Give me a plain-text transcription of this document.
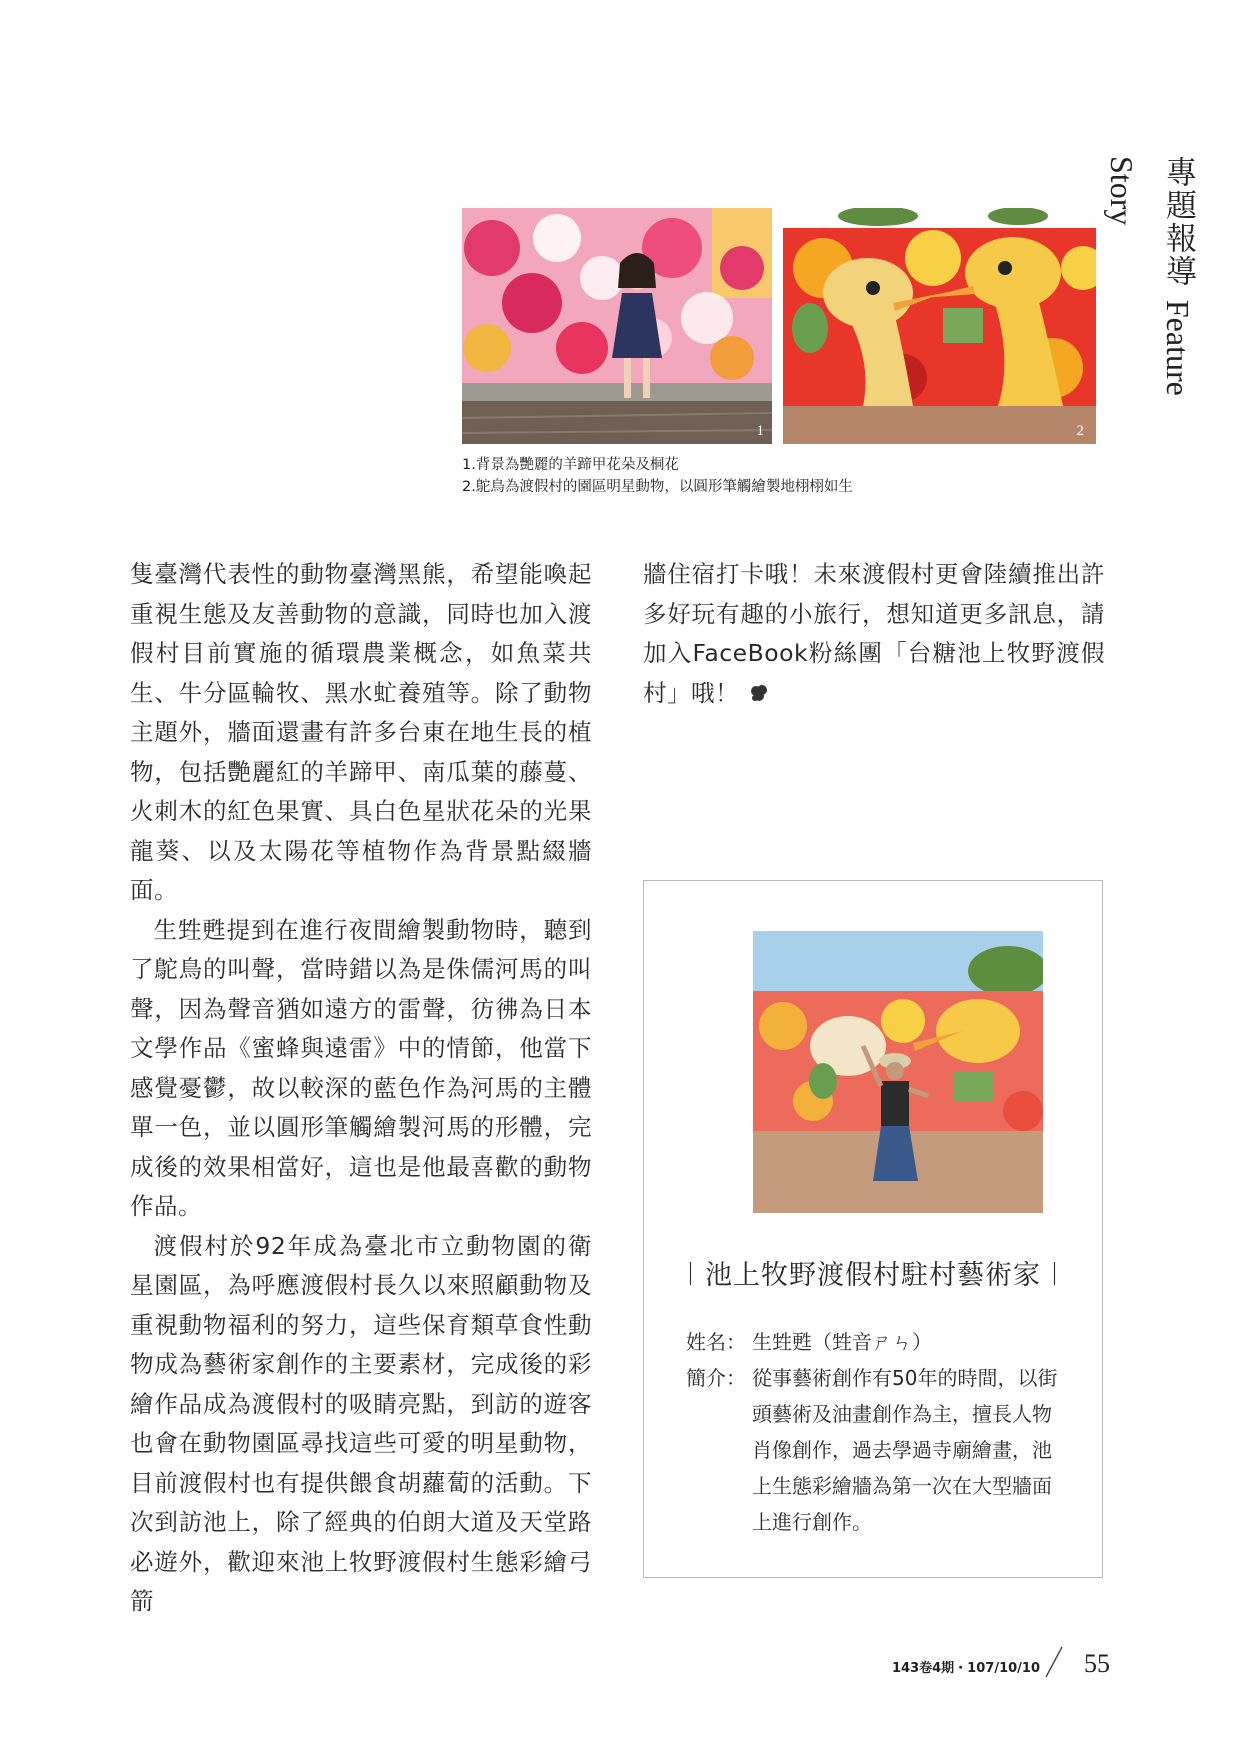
專題報導 Feature Story
1	2
1.背景為艷麗的羊蹄甲花朵及桐花
2.鴕鳥為渡假村的園區明星動物，以圓形筆觸繪製地栩栩如生

隻臺灣代表性的動物臺灣黑熊，希望能喚起重視生態及友善動物的意識，同時也加入渡假村目前實施的循環農業概念，如魚菜共生、牛分區輪牧、黑水虻養殖等。除了動物主題外，牆面還畫有許多台東在地生長的植物，包括艷麗紅的羊蹄甲、南瓜葉的藤蔓、火刺木的紅色果實、具白色星狀花朵的光果龍葵、以及太陽花等植物作為背景點綴牆面。

生甡甦提到在進行夜間繪製動物時，聽到了鴕鳥的叫聲，當時錯以為是侏儒河馬的叫聲，因為聲音猶如遠方的雷聲，彷彿為日本文學作品《蜜蜂與遠雷》中的情節，他當下感覺憂鬱，故以較深的藍色作為河馬的主體單一色，並以圓形筆觸繪製河馬的形體，完成後的效果相當好，這也是他最喜歡的動物作品。

渡假村於92年成為臺北市立動物園的衛星園區，為呼應渡假村長久以來照顧動物及重視動物福利的努力，這些保育類草食性動物成為藝術家創作的主要素材，完成後的彩繪作品成為渡假村的吸睛亮點，到訪的遊客也會在動物園區尋找這些可愛的明星動物，目前渡假村也有提供餵食胡蘿蔔的活動。下次到訪池上，除了經典的伯朗大道及天堂路必遊外，歡迎來池上牧野渡假村生態彩繪弓箭

牆住宿打卡哦！未來渡假村更會陸續推出許多好玩有趣的小旅行，想知道更多訊息，請加入FaceBook粉絲團「台糖池上牧野渡假村」哦！

︱池上牧野渡假村駐村藝術家︱
姓名： 生甡甦（甡音ㄕㄣ）
簡介： 從事藝術創作有50年的時間，以街頭藝術及油畫創作為主，擅長人物肖像創作，過去學過寺廟繪畫，池上生態彩繪牆為第一次在大型牆面上進行創作。
143卷4期・107/10/10 55
